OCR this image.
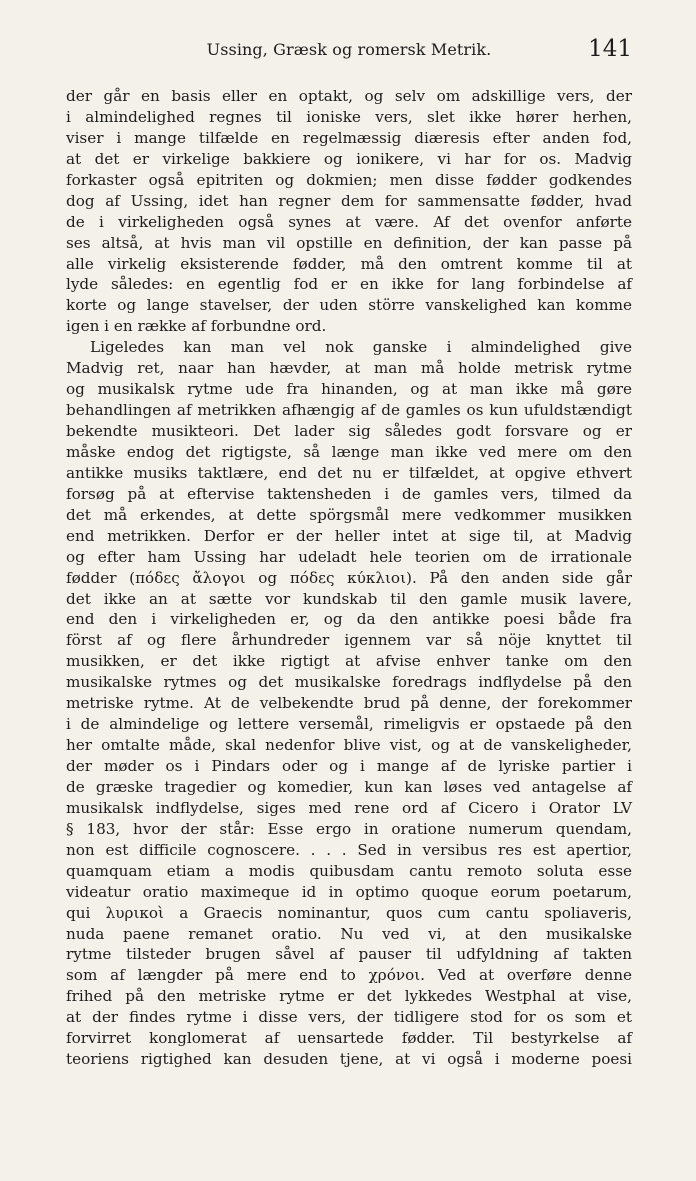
Ussing, Græsk og romersk Metrik.	141
der går en basis eller en optakt, og selv om adskillige vers, der
i almindelighed regnes til ioniske vers, slet ikke hører herhen,
viser i mange tilfælde en regelmæssig diæresis efter anden fod,
at det er virkelige bakkiere og ionikere, vi har for os. Madvig
forkaster også epitriten og dokmien; men disse fødder godkendes
dog af Ussing, idet han regner dem for sammensatte fødder, hvad
de i virkeligheden også synes at være. Af det ovenfor anførte
ses altså, at hvis man vil opstille en definition, der kan passe på
alle virkelig eksisterende fødder, må den omtrent komme til at
lyde således: en egentlig fod er en ikke for lang forbindelse af
korte og lange stavelser, der uden större vanskelighed kan komme
igen i en række af forbundne ord.
Ligeledes kan man vel nok ganske i almindelighed give
Madvig ret, naar han hævder, at man må holde metrisk rytme
og musikalsk rytme ude fra hinanden, og at man ikke må gøre
behandlingen af metrikken afhængig af de gamles os kun ufuldstændigt
bekendte musikteori. Det lader sig således godt forsvare og er
måske endog det rigtigste, så længe man ikke ved mere om den
antikke musiks taktlære, end det nu er tilfældet, at opgive ethvert
forsøg på at eftervise taktensheden i de gamles vers, tilmed da
det må erkendes, at dette spörgsmål mere vedkommer musikken
end metrikken. Derfor er der heller intet at sige til, at Madvig
og efter ham Ussing har udeladt hele teorien om de irrationale
fødder (πόδες ἄλογοι og πόδες κύκλιοι). På den anden side går
det ikke an at sætte vor kundskab til den gamle musik lavere,
end den i virkeligheden er, og da den antikke poesi både fra
först af og flere århundreder igennem var så nöje knyttet til
musikken, er det ikke rigtigt at afvise enhver tanke om den
musikalske rytmes og det musikalske foredrags indflydelse på den
metriske rytme. At de velbekendte brud på denne, der forekommer
i de almindelige og lettere versemål, rimeligvis er opstaede på den
her omtalte måde, skal nedenfor blive vist, og at de vanskeligheder,
der møder os i Pindars oder og i mange af de lyriske partier i
de græske tragedier og komedier, kun kan løses ved antagelse af
musikalsk indflydelse, siges med rene ord af Cicero i Orator LV
§ 183, hvor der står: Esse ergo in oratione numerum quendam,
non est difficile cognoscere. . . . Sed in versibus res est apertior,
quamquam etiam a modis quibusdam cantu remoto soluta esse
videatur oratio maximeque id in optimo quoque eorum poetarum,
qui λυρικοὶ a Graecis nominantur, quos cum cantu spoliaveris,
nuda paene remanet oratio. Nu ved vi, at den musikalske
rytme tilsteder brugen såvel af pauser til udfyldning af takten
som af længder på mere end to χρόνοι. Ved at overføre denne
frihed på den metriske rytme er det lykkedes Westphal at vise,
at der findes rytme i disse vers, der tidligere stod for os som et
forvirret konglomerat af uensartede fødder. Til bestyrkelse af
teoriens rigtighed kan desuden tjene, at vi også i moderne poesi
